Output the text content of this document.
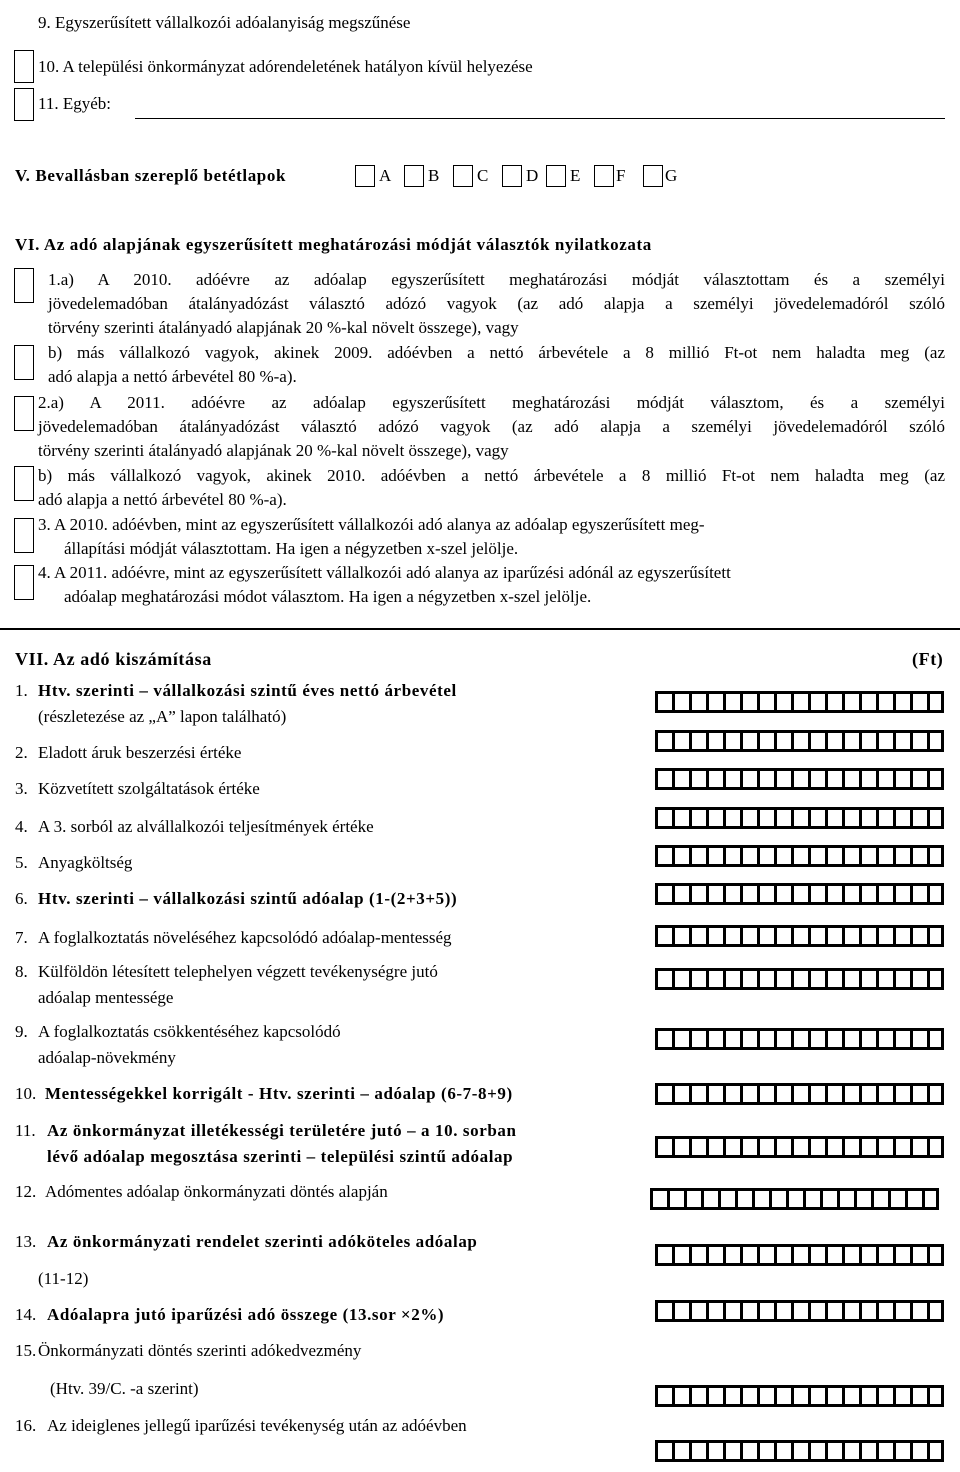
9. Egyszerűsített vállalkozói adóalanyiság megszűnése
10. A települési önkormányzat adórendeletének hatályon kívül helyezése
11. Egyéb:
V. Bevallásban szereplő betétlapok	A B C D E F G
VI. Az adó alapjának egyszerűsített meghatározási módját választók nyilatkozata
1.a) A 2010. adóévre az adóalap egyszerűsített meghatározási módját választottam és a személyi
jövedelemadóban átalányadózást választó adózó vagyok (az adó alapja a személyi jövedelemadóról szóló
törvény szerinti átalányadó alapjának 20 %-kal növelt összege), vagy
b) más vállalkozó vagyok, akinek 2009. adóévben a nettó árbevétele a 8 millió Ft-ot nem haladta meg (az
adó alapja a nettó árbevétel 80 %-a).
2.a) A 2011. adóévre az adóalap egyszerűsített meghatározási módját választom, és a személyi
jövedelemadóban átalányadózást választó adózó vagyok (az adó alapja a személyi jövedelemadóról szóló
törvény szerinti átalányadó alapjának 20 %-kal növelt összege), vagy
b) más vállalkozó vagyok, akinek 2010. adóévben a nettó árbevétele a 8 millió Ft-ot nem haladta meg (az
adó alapja a nettó árbevétel 80 %-a).
3. A 2010. adóévben, mint az egyszerűsített vállalkozói adó alanya az adóalap egyszerűsített meg-
állapítási módját választottam. Ha igen a négyzetben x-szel jelölje.
4. A 2011. adóévre, mint az egyszerűsített vállalkozói adó alanya az iparűzési adónál az egyszerűsített
adóalap meghatározási módot választom. Ha igen a négyzetben x-szel jelölje.
VII. Az adó kiszámítása	(Ft)
1. Htv. szerinti – vállalkozási szintű éves nettó árbevétel
(részletezése az „A” lapon található)
2. Eladott áruk beszerzési értéke
3. Közvetített szolgáltatások értéke
4. A 3. sorból az alvállalkozói teljesítmények értéke
5. Anyagköltség
6. Htv. szerinti – vállalkozási szintű adóalap (1-(2+3+5))
7. A foglalkoztatás növeléséhez kapcsolódó adóalap-mentesség
8. Külföldön létesített telephelyen végzett tevékenységre jutó
adóalap mentessége
9. A foglalkoztatás csökkentéséhez kapcsolódó
adóalap-növekmény
10. Mentességekkel korrigált - Htv. szerinti – adóalap (6-7-8+9)
11. Az önkormányzat illetékességi területére jutó – a 10. sorban
lévő adóalap megosztása szerinti – települési szintű adóalap
12. Adómentes adóalap önkormányzati döntés alapján
13. Az önkormányzati rendelet szerinti adóköteles adóalap
(11-12)
14. Adóalapra jutó iparűzési adó összege (13.sor ×2%)
15. Önkormányzati döntés szerinti adókedvezmény
(Htv. 39/C. -a szerint)
16. Az ideiglenes jellegű iparűzési tevékenység után az adóévben
